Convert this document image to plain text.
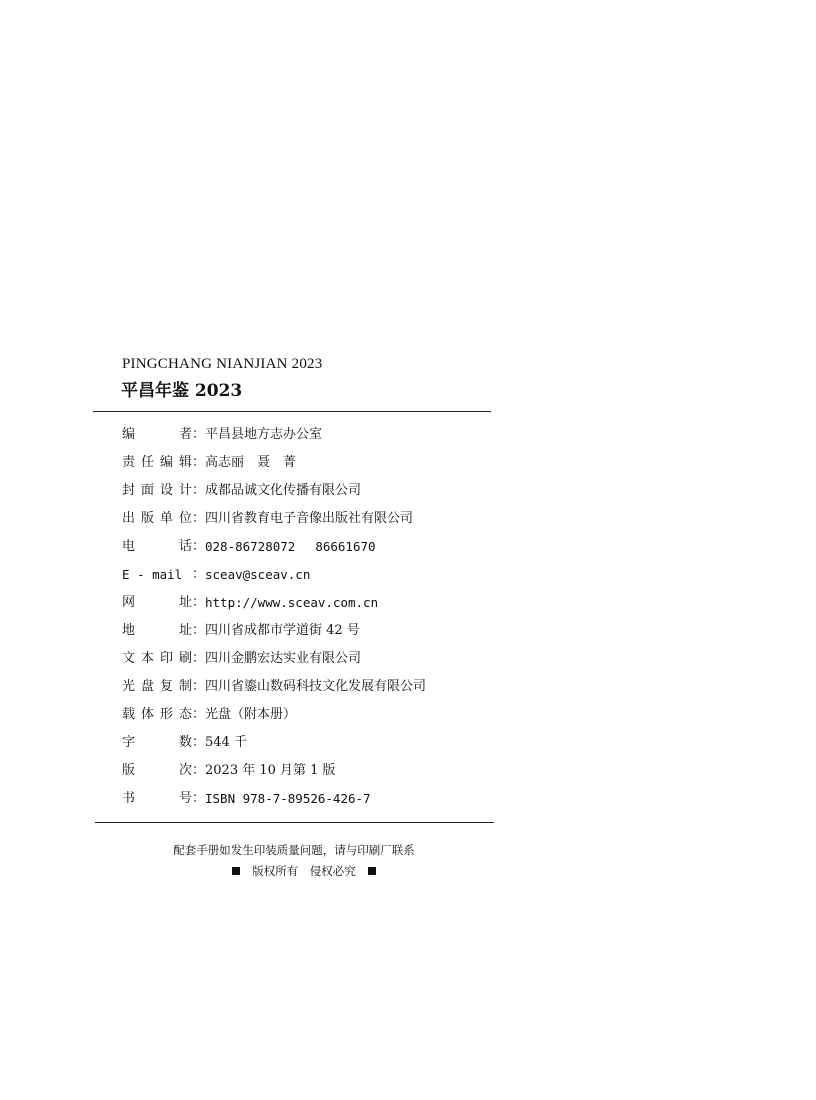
PINGCHANG NIANJIAN 2023
平昌年鉴 2023
编者：平昌县地方志办公室
责任编辑：高志丽　聂　菁
封面设计：成都品诚文化传播有限公司
出版单位：四川省教育电子音像出版社有限公司
电话：028-86728072　 86661670
E - mail ：sceav@sceav.cn
网址：http://www.sceav.com.cn
地址：四川省成都市学道街 42 号
文本印刷：四川金鹏宏达实业有限公司
光盘复制：四川省鎏山数码科技文化发展有限公司
载体形态：光盘（附本册）
字数：544 千
版次：2023 年 10 月第 1 版
书号：ISBN 978-7-89526-426-7
配套手册如发生印装质量问题，请与印刷厂联系
版权所有　侵权必究
